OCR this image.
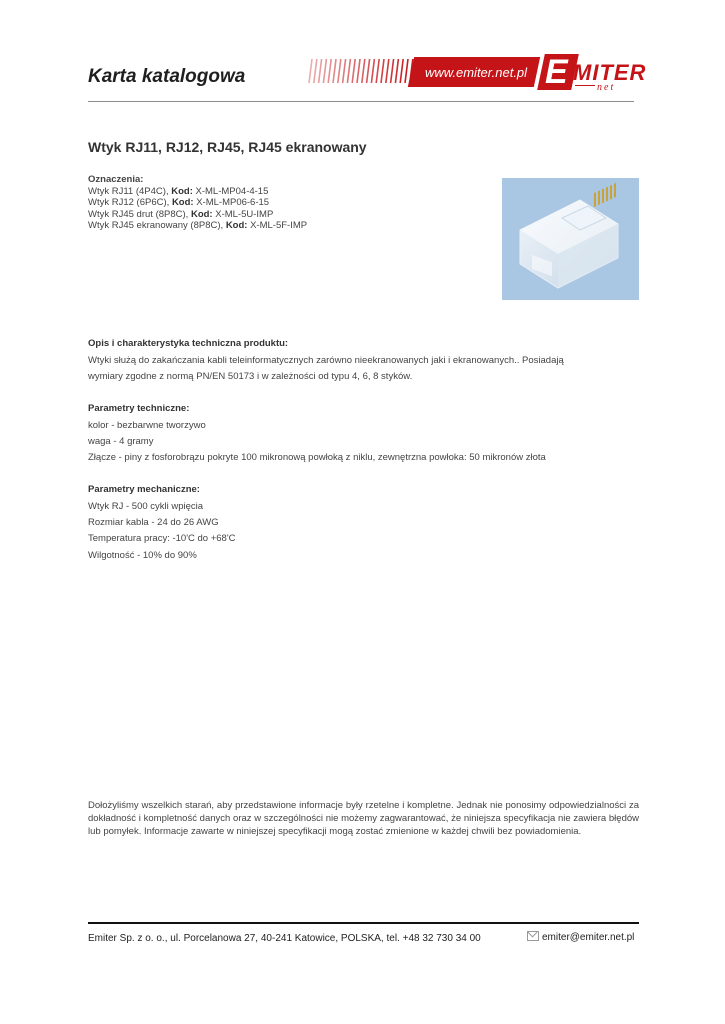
Karta katalogowa	www.emiter.net.pl E MITER
net
Wtyk RJ11, RJ12, RJ45, RJ45 ekranowany
Oznaczenia:
Wtyk RJ11 (4P4C), Kod: X-ML-MP04-4-15
Wtyk RJ12 (6P6C), Kod: X-ML-MP06-6-15
Wtyk RJ45 drut (8P8C), Kod: X-ML-5U-IMP
Wtyk RJ45 ekranowany (8P8C), Kod: X-ML-5F-IMP
Opis i charakterystyka techniczna produktu:
Wtyki służą do zakańczania kabli teleinformatycznych zarówno nieekranowanych jaki i ekranowanych.. Posiadają
wymiary zgodne z normą PN/EN 50173 i w zależności od typu 4, 6, 8 styków.
Parametry techniczne:
kolor - bezbarwne tworzywo
waga - 4 gramy
Złącze - piny z fosforobrązu pokryte 100 mikronową powłoką z niklu, zewnętrzna powłoka: 50 mikronów złota
Parametry mechaniczne:
Wtyk RJ - 500 cykli wpięcia
Rozmiar kabla - 24 do 26 AWG
Temperatura pracy: -10'C do +68'C
Wilgotność - 10% do 90%
Dołożyliśmy wszelkich starań, aby przedstawione informacje były rzetelne i kompletne. Jednak nie ponosimy odpowiedzialności za dokładność i kompletność danych oraz w szczególności nie możemy zagwarantować, że niniejsza specyfikacja nie zawiera błędów lub pomyłek. Informacje zawarte w niniejszej specyfikacji mogą zostać zmienione w każdej chwili bez powiadomienia.
Emiter Sp. z o. o., ul. Porcelanowa 27, 40-241 Katowice, POLSKA, tel. +48 32 730 34 00	emiter@emiter.net.pl
